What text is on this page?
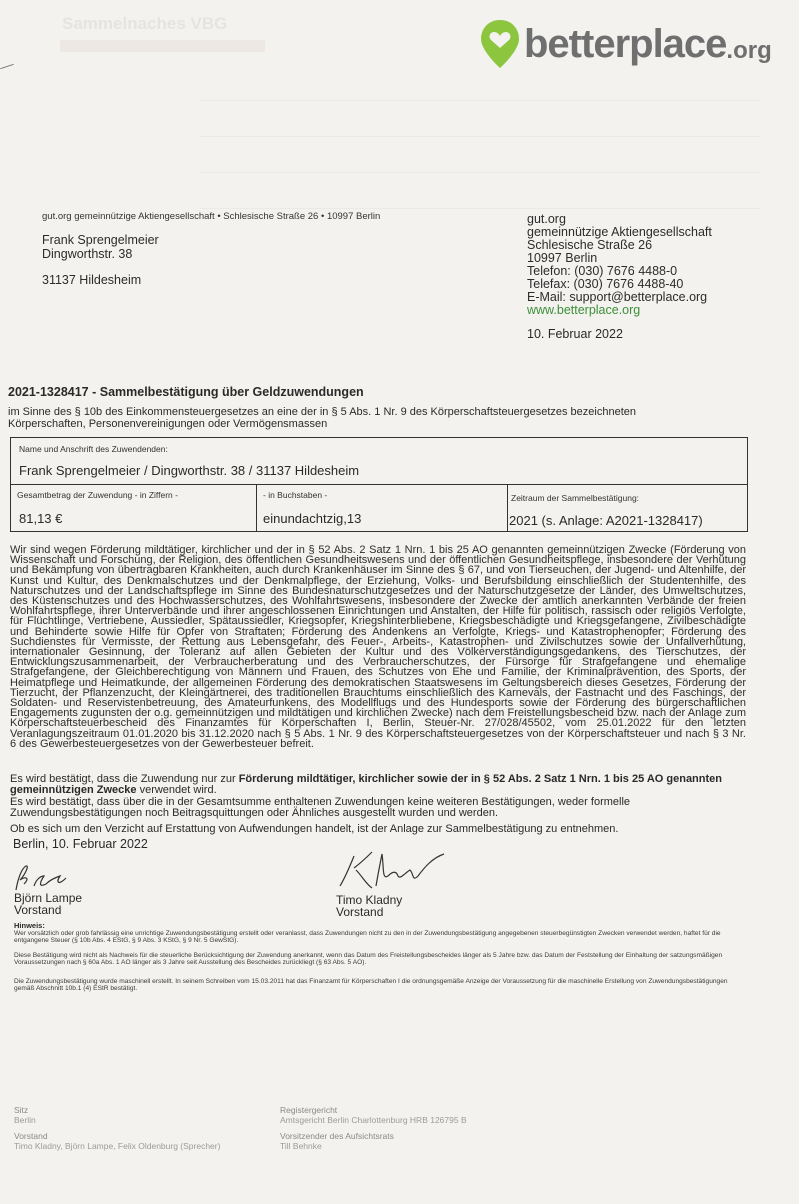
Sammelnaches VBG	betterplace .org
gut.org gemeinnützige Aktiengesellschaft • Schlesische Straße 26 • 10997 Berlin
Frank Sprengelmeier
Dingworthstr. 38
31137 Hildesheim
gut.org
gemeinnützige Aktiengesellschaft
Schlesische Straße 26
10997 Berlin
Telefon: (030) 7676 4488-0
Telefax: (030) 7676 4488-40
E-Mail: support@betterplace.org
www.betterplace.org
10. Februar 2022
2021-1328417 - Sammelbestätigung über Geldzuwendungen
im Sinne des § 10b des Einkommensteuergesetzes an eine der in § 5 Abs. 1 Nr. 9 des Körperschaftsteuergesetzes bezeichneten Körperschaften, Personenvereinigungen oder Vermögensmassen
Name und Anschrift des Zuwendenden:
Frank Sprengelmeier / Dingworthstr. 38 / 31137 Hildesheim
Gesamtbetrag der Zuwendung - in Ziffern -
81,13 €
- in Buchstaben -
einundachtzig,13
Zeitraum der Sammelbestätigung:
2021 (s. Anlage: A2021-1328417)
Wir sind wegen Förderung mildtätiger, kirchlicher und der in § 52 Abs. 2 Satz 1 Nrn. 1 bis 25 AO genannten gemeinnützigen Zwecke (Förderung von Wissenschaft und Forschung, der Religion, des öffentlichen Gesundheitswesens und der öffentlichen Gesundheitspflege, insbesondere der Verhütung und Bekämpfung von übertragbaren Krankheiten, auch durch Krankenhäuser im Sinne des § 67, und von Tierseuchen, der Jugend- und Altenhilfe, der Kunst und Kultur, des Denkmalschutzes und der Denkmalpflege, der Erziehung, Volks- und Berufsbildung einschließlich der Studentenhilfe, des Naturschutzes und der Landschaftspflege im Sinne des Bundesnaturschutzgesetzes und der Naturschutzgesetze der Länder, des Umweltschutzes, des Küstenschutzes und des Hochwasserschutzes, des Wohlfahrtswesens, insbesondere der Zwecke der amtlich anerkannten Verbände der freien Wohlfahrtspflege, ihrer Unterverbände und ihrer angeschlossenen Einrichtungen und Anstalten, der Hilfe für politisch, rassisch oder religiös Verfolgte, für Flüchtlinge, Vertriebene, Aussiedler, Spätaussiedler, Kriegsopfer, Kriegshinterbliebene, Kriegsbeschädigte und Kriegsgefangene, Zivilbeschädigte und Behinderte sowie Hilfe für Opfer von Straftaten; Förderung des Andenkens an Verfolgte, Kriegs- und Katastrophenopfer; Förderung des Suchdienstes für Vermisste, der Rettung aus Lebensgefahr, des Feuer-, Arbeits-, Katastrophen- und Zivilschutzes sowie der Unfallverhütung, internationaler Gesinnung, der Toleranz auf allen Gebieten der Kultur und des Völkerverständigungsgedankens, des Tierschutzes, der Entwicklungszusammenarbeit, der Verbraucherberatung und des Verbraucherschutzes, der Fürsorge für Strafgefangene und ehemalige Strafgefangene, der Gleichberechtigung von Männern und Frauen, des Schutzes von Ehe und Familie, der Kriminalprävention, des Sports, der Heimatpflege und Heimatkunde, der allgemeinen Förderung des demokratischen Staatswesens im Geltungsbereich dieses Gesetzes, Förderung der Tierzucht, der Pflanzenzucht, der Kleingärtnerei, des traditionellen Brauchtums einschließlich des Karnevals, der Fastnacht und des Faschings, der Soldaten- und Reservistenbetreuung, des Amateurfunkens, des Modellflugs und des Hundesports sowie der Förderung des bürgerschaftlichen Engagements zugunsten der o.g. gemeinnützigen und mildtätigen und kirchlichen Zwecke) nach dem Freistellungsbescheid bzw. nach der Anlage zum Körperschaftsteuerbescheid des Finanzamtes für Körperschaften I, Berlin, Steuer-Nr. 27/028/45502, vom 25.01.2022 für den letzten Veranlagungszeitraum 01.01.2020 bis 31.12.2020 nach § 5 Abs. 1 Nr. 9 des Körperschaftsteuergesetzes von der Körperschaftsteuer und nach § 3 Nr. 6 des Gewerbesteuergesetzes von der Gewerbesteuer befreit.
Es wird bestätigt, dass die Zuwendung nur zur Förderung mildtätiger, kirchlicher sowie der in § 52 Abs. 2 Satz 1 Nrn. 1 bis 25 AO genannten gemeinnützigen Zwecke verwendet wird.
Es wird bestätigt, dass über die in der Gesamtsumme enthaltenen Zuwendungen keine weiteren Bestätigungen, weder formelle Zuwendungsbestätigungen noch Beitragsquittungen oder Ähnliches ausgestellt wurden und werden.
Ob es sich um den Verzicht auf Erstattung von Aufwendungen handelt, ist der Anlage zur Sammelbestätigung zu entnehmen.
Berlin, 10. Februar 2022
Björn Lampe
Vorstand
Timo Kladny
Vorstand
Hinweis:
Wer vorsätzlich oder grob fahrlässig eine unrichtige Zuwendungsbestätigung erstellt oder veranlasst, dass Zuwendungen nicht zu den in der Zuwendungsbestätigung angegebenen steuerbegünstigten Zwecken verwendet werden, haftet für die entgangene Steuer (§ 10b Abs. 4 EStG, § 9 Abs. 3 KStG, § 9 Nr. 5 GewStG).
Diese Bestätigung wird nicht als Nachweis für die steuerliche Berücksichtigung der Zuwendung anerkannt, wenn das Datum des Freistellungsbescheides länger als 5 Jahre bzw. das Datum der Feststellung der Einhaltung der satzungsmäßigen Voraussetzungen nach § 60a Abs. 1 AO länger als 3 Jahre seit Ausstellung des Bescheides zurückliegt (§ 63 Abs. 5 AO).
Die Zuwendungsbestätigung wurde maschinell erstellt. In seinem Schreiben vom 15.03.2011 hat das Finanzamt für Körperschaften I die ordnungsgemäße Anzeige der Voraussetzung für die maschinelle Erstellung von Zuwendungsbestätigungen gemäß Abschnitt 10b.1 (4) EStR bestätigt.
Sitz
Berlin
Registergericht
Amtsgericht Berlin Charlottenburg HRB 126795 B
Vorstand
Timo Kladny, Björn Lampe, Felix Oldenburg (Sprecher)
Vorsitzender des Aufsichtsrats
Till Behnke
